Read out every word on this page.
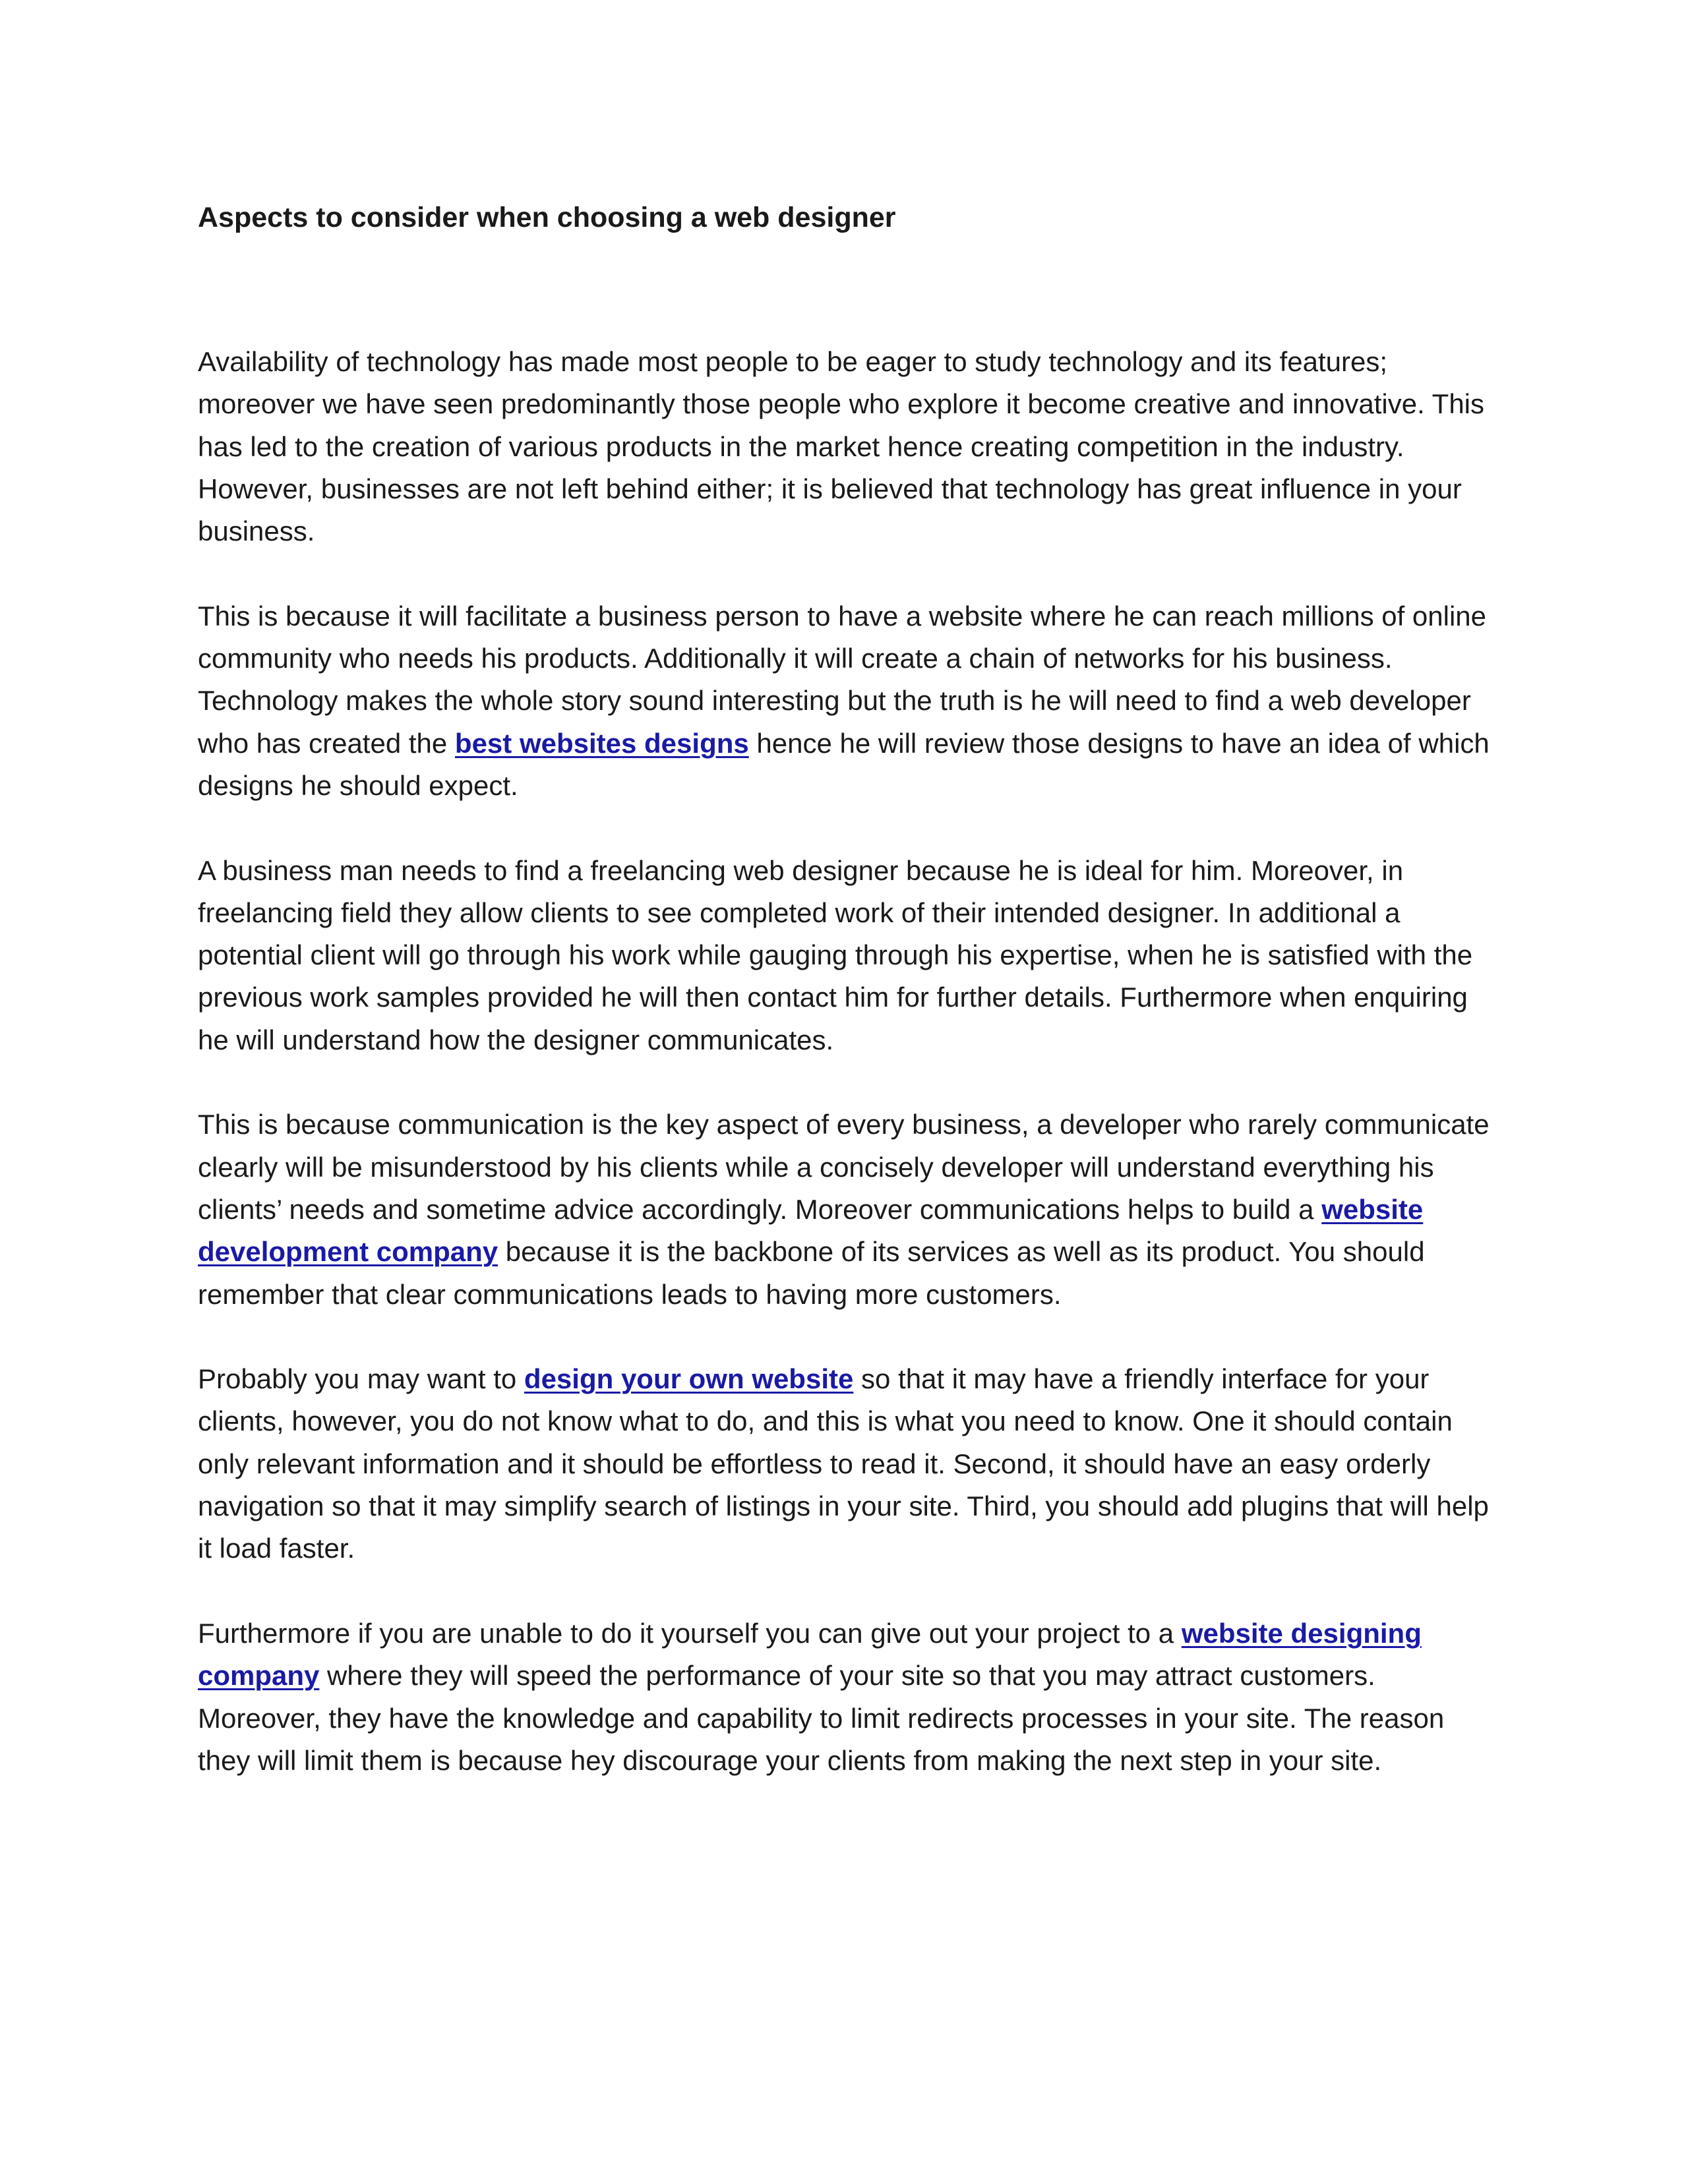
Aspects to consider when choosing a web designer

Availability of technology has made most people to be eager to study technology and its features; moreover we have seen predominantly those people who explore it become creative and innovative. This has led to the creation of various products in the market hence creating competition in the industry. However, businesses are not left behind either; it is believed that technology has great influence in your business.

This is because it will facilitate a business person to have a website where he can reach millions of online community who needs his products. Additionally it will create a chain of networks for his business. Technology makes the whole story sound interesting but the truth is he will need to find a web developer who has created the best websites designs hence he will review those designs to have an idea of which designs he should expect.

A business man needs to find a freelancing web designer because he is ideal for him. Moreover, in freelancing field they allow clients to see completed work of their intended designer. In additional a potential client will go through his work while gauging through his expertise, when he is satisfied with the previous work samples provided he will then contact him for further details. Furthermore when enquiring he will understand how the designer communicates.

This is because communication is the key aspect of every business, a developer who rarely communicate clearly will be misunderstood by his clients while a concisely developer will understand everything his clients’ needs and sometime advice accordingly. Moreover communications helps to build a website development company because it is the backbone of its services as well as its product. You should remember that clear communications leads to having more customers.

Probably you may want to design your own website so that it may have a friendly interface for your clients, however, you do not know what to do, and this is what you need to know. One it should contain only relevant information and it should be effortless to read it. Second, it should have an easy orderly navigation so that it may simplify search of listings in your site. Third, you should add plugins that will help it load faster.

Furthermore if you are unable to do it yourself you can give out your project to a website designing company where they will speed the performance of your site so that you may attract customers. Moreover, they have the knowledge and capability to limit redirects processes in your site. The reason they will limit them is because hey discourage your clients from making the next step in your site.
